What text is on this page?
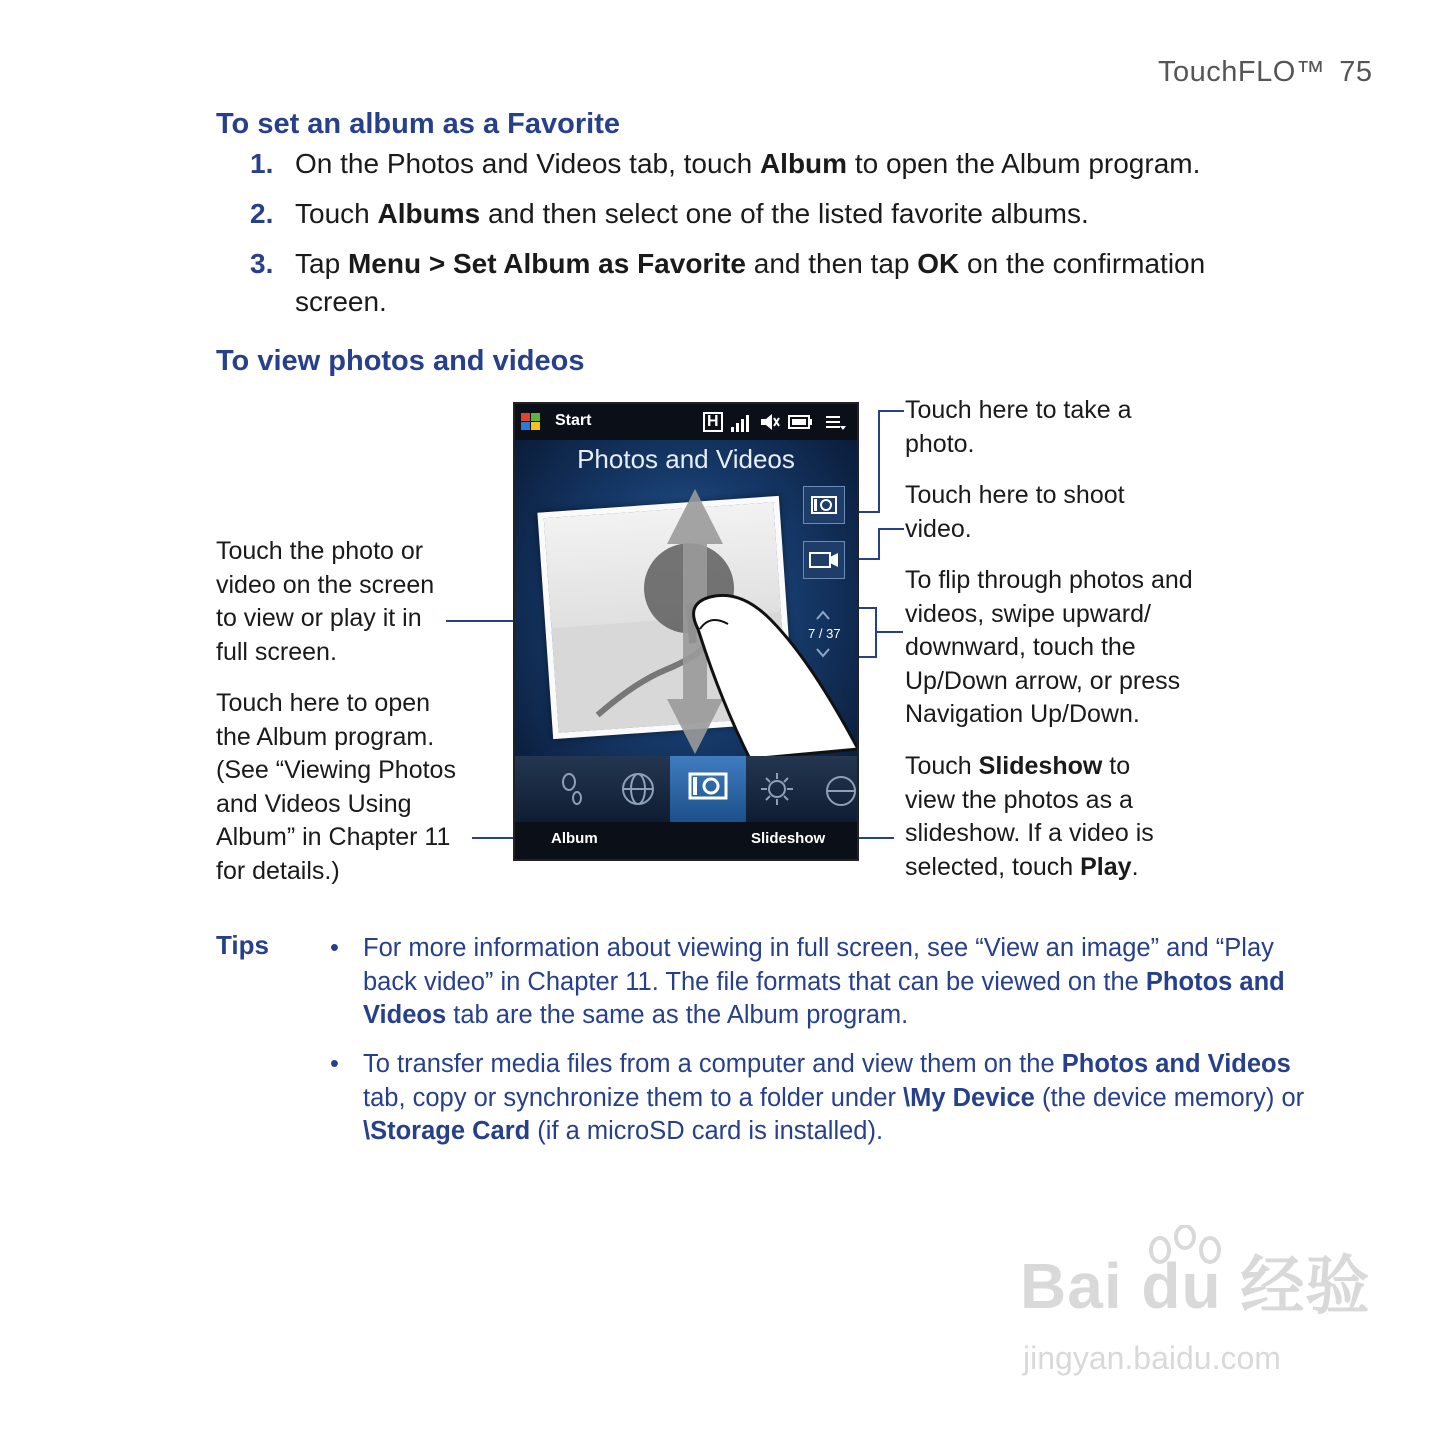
TouchFLO™ 75
To set an album as a Favorite
1. On the Photos and Videos tab, touch Album to open the Album program.
2. Touch Albums and then select one of the listed favorite albums.
3. Tap Menu > Set Album as Favorite and then tap OK on the confirmation screen.
To view photos and videos
Touch the photo or video on the screen to view or play it in full screen.
Touch here to open the Album program. (See “Viewing Photos and Videos Using Album” in Chapter 11 for details.)
Touch here to take a photo.
Touch here to shoot video.
To flip through photos and videos, swipe upward/ downward, touch the Up/Down arrow, or press Navigation Up/Down.
Touch Slideshow to view the photos as a slideshow. If a video is selected, touch Play.
Start	H
Photos and Videos
7 / 37
Album	Slideshow
Tips • For more information about viewing in full screen, see “View an image” and “Play back video” in Chapter 11. The file formats that can be viewed on the Photos and Videos tab are the same as the Album program.
• To transfer media files from a computer and view them on the Photos and Videos tab, copy or synchronize them to a folder under \My Device (the device memory) or \Storage Card (if a microSD card is installed).
Bai du 经验
jingyan.baidu.com
